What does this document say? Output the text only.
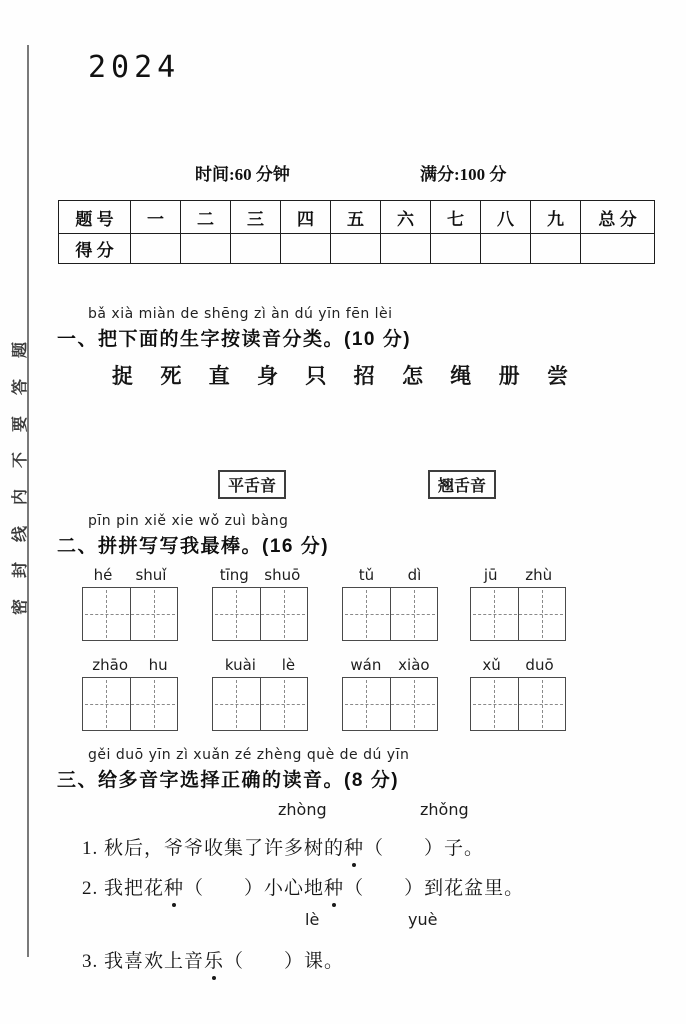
题
答
要
不
内
线
封
密
2024
时间:60 分钟	满分:100 分
题 号	一	二	三	四	五	六	七	八	九	总 分
得 分										
bǎ xià miàn de shēng zì àn dú yīn fēn lèi
一、把下面的生字按读音分类。(10 分)
捉 死 直 身 只 招 怎 绳 册 尝
平舌音	翘舌音
pīn pin xiě xie wǒ zuì bàng
二、拼拼写写我最棒。(16 分)
hé shuǐ	tīng shuō	tǔ dì	jū zhù
zhāo hu	kuài lè	wán xiào	xǔ duō
gěi duō yīn zì xuǎn zé zhèng què de dú yīn
三、给多音字选择正确的读音。(8 分)
zhòng	zhǒng
1. 秋后，爷爷收集了许多树的种（　　）子。
2. 我把花种（　　）小心地种（　　）到花盆里。
lè	yuè
3. 我喜欢上音乐（　　）课。
